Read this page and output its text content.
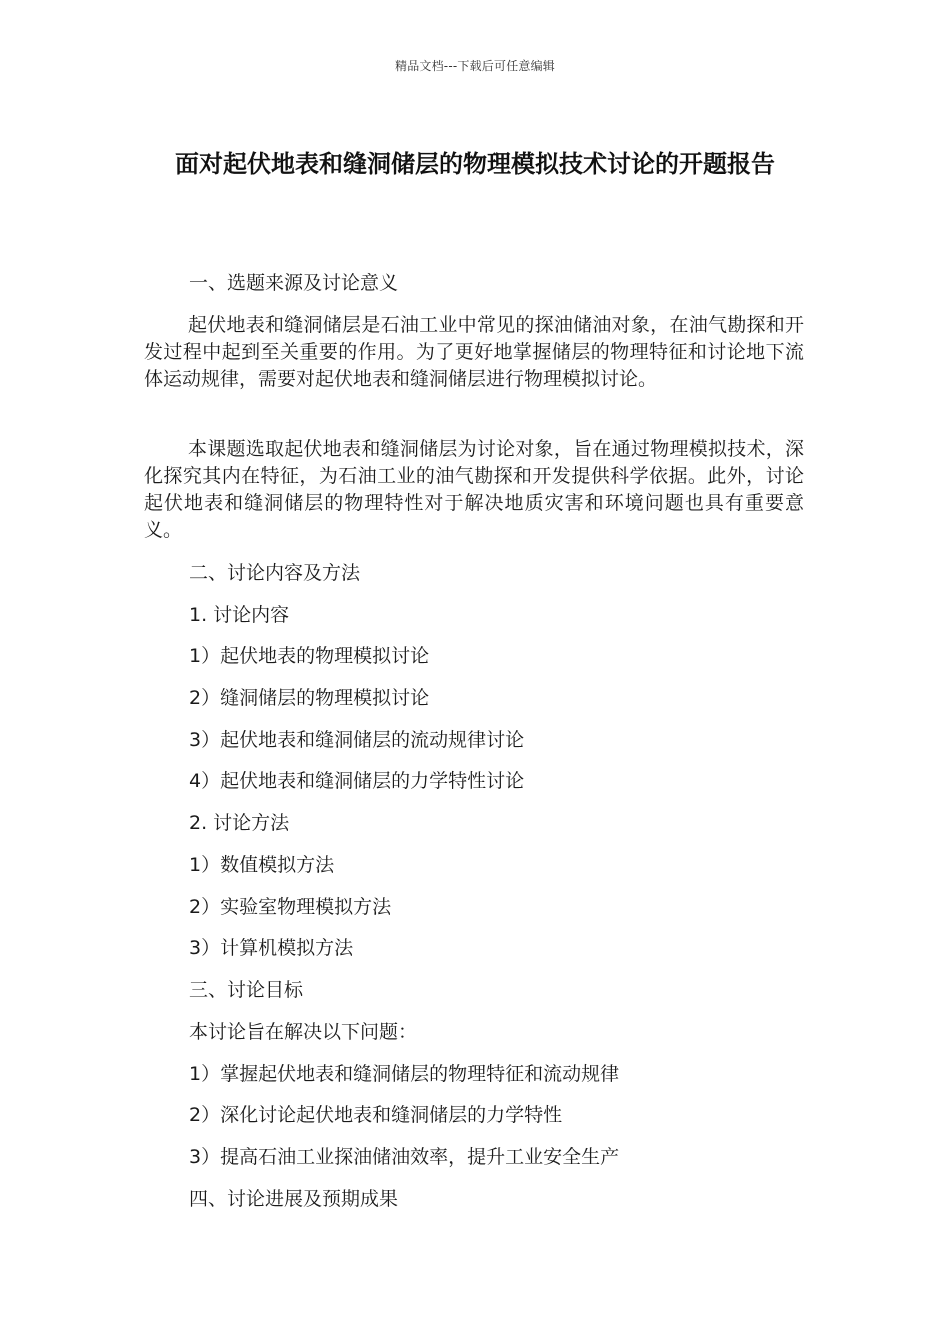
精品文档---下载后可任意编辑
面对起伏地表和缝洞储层的物理模拟技术讨论的开题报告
一、选题来源及讨论意义
起伏地表和缝洞储层是石油工业中常见的探油储油对象，在油气勘探和开发过程中起到至关重要的作用。为了更好地掌握储层的物理特征和讨论地下流体运动规律，需要对起伏地表和缝洞储层进行物理模拟讨论。
本课题选取起伏地表和缝洞储层为讨论对象，旨在通过物理模拟技术，深化探究其内在特征，为石油工业的油气勘探和开发提供科学依据。此外，讨论起伏地表和缝洞储层的物理特性对于解决地质灾害和环境问题也具有重要意义。
二、讨论内容及方法
1. 讨论内容
1）起伏地表的物理模拟讨论
2）缝洞储层的物理模拟讨论
3）起伏地表和缝洞储层的流动规律讨论
4）起伏地表和缝洞储层的力学特性讨论
2. 讨论方法
1）数值模拟方法
2）实验室物理模拟方法
3）计算机模拟方法
三、讨论目标
本讨论旨在解决以下问题：
1）掌握起伏地表和缝洞储层的物理特征和流动规律
2）深化讨论起伏地表和缝洞储层的力学特性
3）提高石油工业探油储油效率，提升工业安全生产
四、讨论进展及预期成果
